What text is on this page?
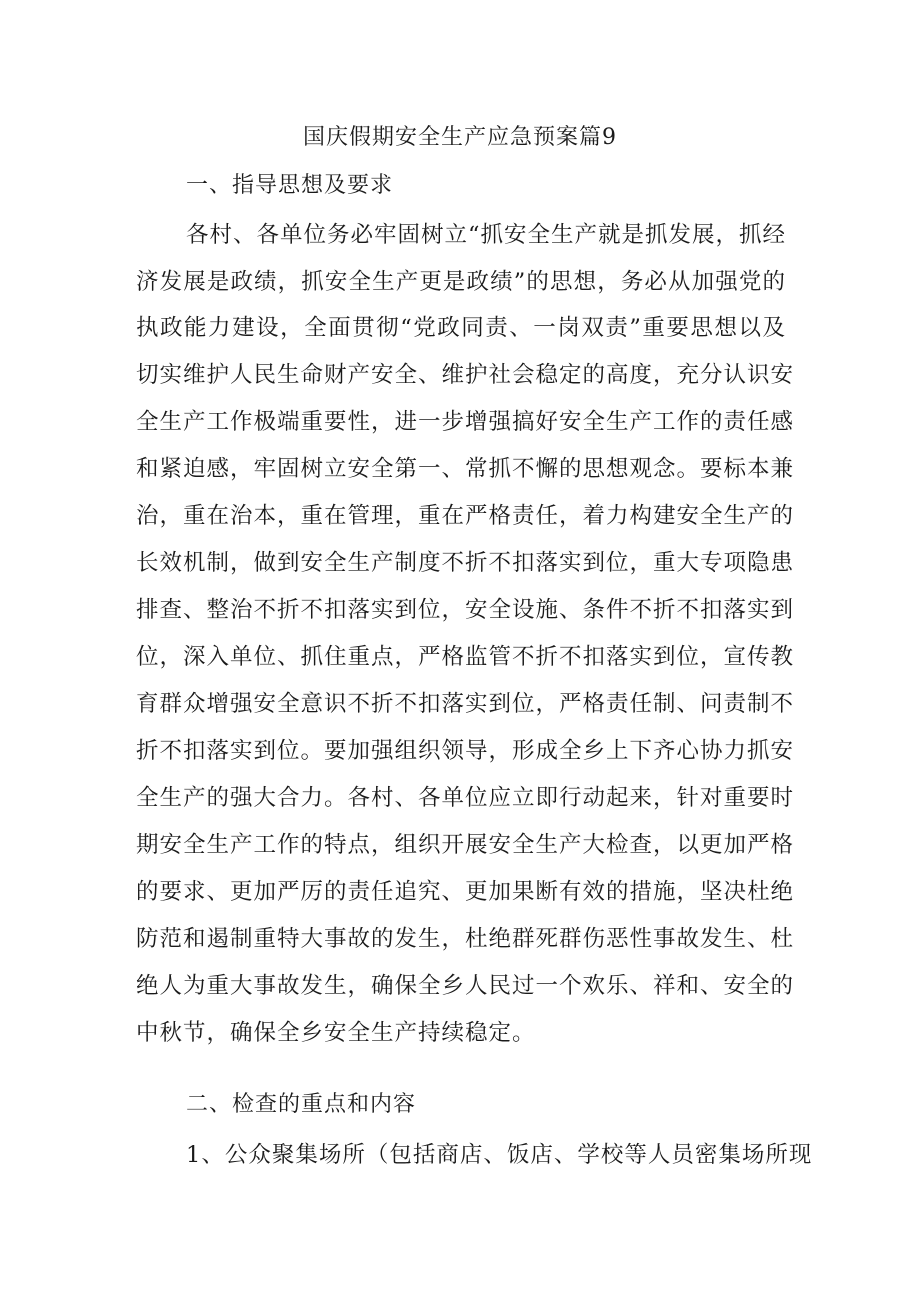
国庆假期安全生产应急预案篇9
一、指导思想及要求
各村、各单位务必牢固树立“抓安全生产就是抓发展，抓经
济发展是政绩，抓安全生产更是政绩”的思想，务必从加强党的
执政能力建设，全面贯彻“党政同责、一岗双责”重要思想以及
切实维护人民生命财产安全、维护社会稳定的高度，充分认识安
全生产工作极端重要性，进一步增强搞好安全生产工作的责任感
和紧迫感，牢固树立安全第一、常抓不懈的思想观念。要标本兼
治，重在治本，重在管理，重在严格责任，着力构建安全生产的
长效机制，做到安全生产制度不折不扣落实到位，重大专项隐患
排查、整治不折不扣落实到位，安全设施、条件不折不扣落实到
位，深入单位、抓住重点，严格监管不折不扣落实到位，宣传教
育群众增强安全意识不折不扣落实到位，严格责任制、问责制不
折不扣落实到位。要加强组织领导，形成全乡上下齐心协力抓安
全生产的强大合力。各村、各单位应立即行动起来，针对重要时
期安全生产工作的特点，组织开展安全生产大检查，以更加严格
的要求、更加严厉的责任追究、更加果断有效的措施，坚决杜绝
防范和遏制重特大事故的发生，杜绝群死群伤恶性事故发生、杜
绝人为重大事故发生，确保全乡人民过一个欢乐、祥和、安全的
中秋节，确保全乡安全生产持续稳定。
二、检查的重点和内容
1、公众聚集场所（包括商店、饭店、学校等人员密集场所现
